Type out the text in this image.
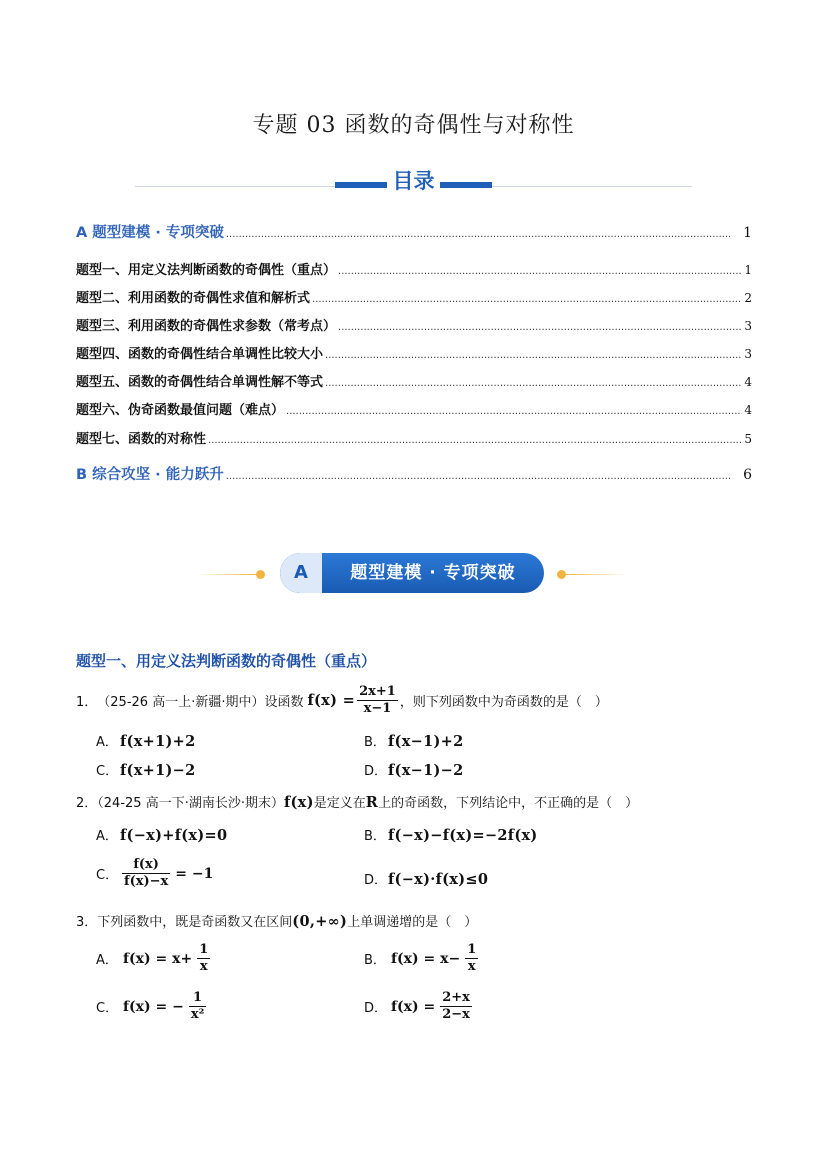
专题 03 函数的奇偶性与对称性
目录
A 题型建模 · 专项突破 .....	1
题型一、用定义法判断函数的奇偶性（重点） .....	1
题型二、利用函数的奇偶性求值和解析式 .....	2
题型三、利用函数的奇偶性求参数（常考点） .....	3
题型四、函数的奇偶性结合单调性比较大小 .....	3
题型五、函数的奇偶性结合单调性解不等式 .....	4
题型六、伪奇函数最值问题（难点） .....	4
题型七、函数的对称性 .....	5
B 综合攻坚 · 能力跃升 .....	6
A	题型建模 · 专项突破
题型一、用定义法判断函数的奇偶性（重点）
1． （25-26 高一上·新疆·期中）设函数 $f(x) = \frac{2x+1}{x-1}$ ，则下列函数中为奇函数的是（　）
A． f(x+1)+2	B． f(x−1)+2
C． f(x+1)−2	D．f(x−1)−2
2．（24-25 高一下·湖南长沙·期末）f(x)是定义在R上的奇函数，下列结论中，不正确的是（　）
A． f(−x)+f(x)=0	B． f(−x)−f(x)=−2f(x)
C． $\frac{f(x)}{f(x)-x} = -1$	D．f(−x)·f(x)≤0
3．下列函数中，既是奇函数又在区间(0,+∞)上单调递增的是（　）
A． $f(x) = x+ \frac{1}{x}$	B． $f(x) = x- \frac{1}{x}$
C． f(x) = − $\frac{1}{\text{x²}}$	D． $f(x) = \frac{2+x}{2-x}$
